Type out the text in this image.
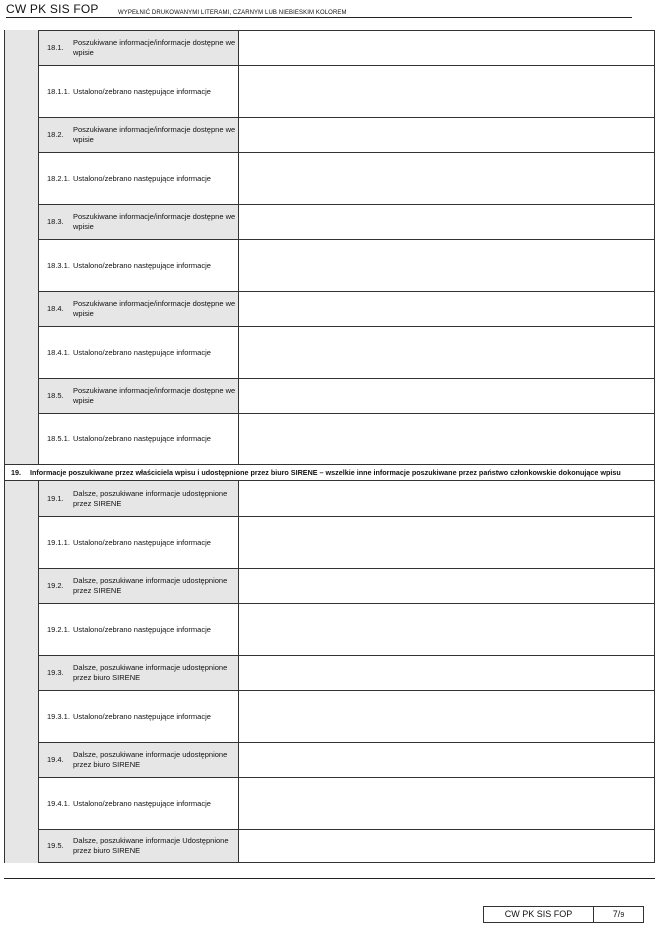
CW PK SIS FOP	WYPEŁNIĆ DRUKOWANYMI LITERAMI, CZARNYM LUB NIEBIESKIM KOLOREM
18.1.
Poszukiwane informacje/informacje dostępne we wpisie
18.1.1. Ustalono/zebrano następujące informacje
18.2.
Poszukiwane informacje/informacje dostępne we wpisie
18.2.1. Ustalono/zebrano następujące informacje
18.3.
Poszukiwane informacje/informacje dostępne we wpisie
18.3.1. Ustalono/zebrano następujące informacje
18.4.
Poszukiwane informacje/informacje dostępne we wpisie
18.4.1. Ustalono/zebrano następujące informacje
18.5.
Poszukiwane informacje/informacje dostępne we wpisie
18.5.1. Ustalono/zebrano następujące informacje
19. Informacje poszukiwane przez właściciela wpisu i udostępnione przez biuro SIRENE – wszelkie inne informacje poszukiwane przez państwo członkowskie dokonujące wpisu
19.1.
Dalsze, poszukiwane informacje udostępnione przez SIRENE
19.1.1. Ustalono/zebrano następujące informacje
19.2.
Dalsze, poszukiwane informacje udostępnione przez SIRENE
19.2.1. Ustalono/zebrano następujące informacje
19.3.
Dalsze, poszukiwane informacje udostępnione przez biuro SIRENE
19.3.1. Ustalono/zebrano następujące informacje
19.4.
Dalsze, poszukiwane informacje udostępnione przez biuro SIRENE
19.4.1. Ustalono/zebrano następujące informacje
19.5.
Dalsze, poszukiwane informacje Udostępnione przez biuro SIRENE
CW PK SIS FOP	7/9
